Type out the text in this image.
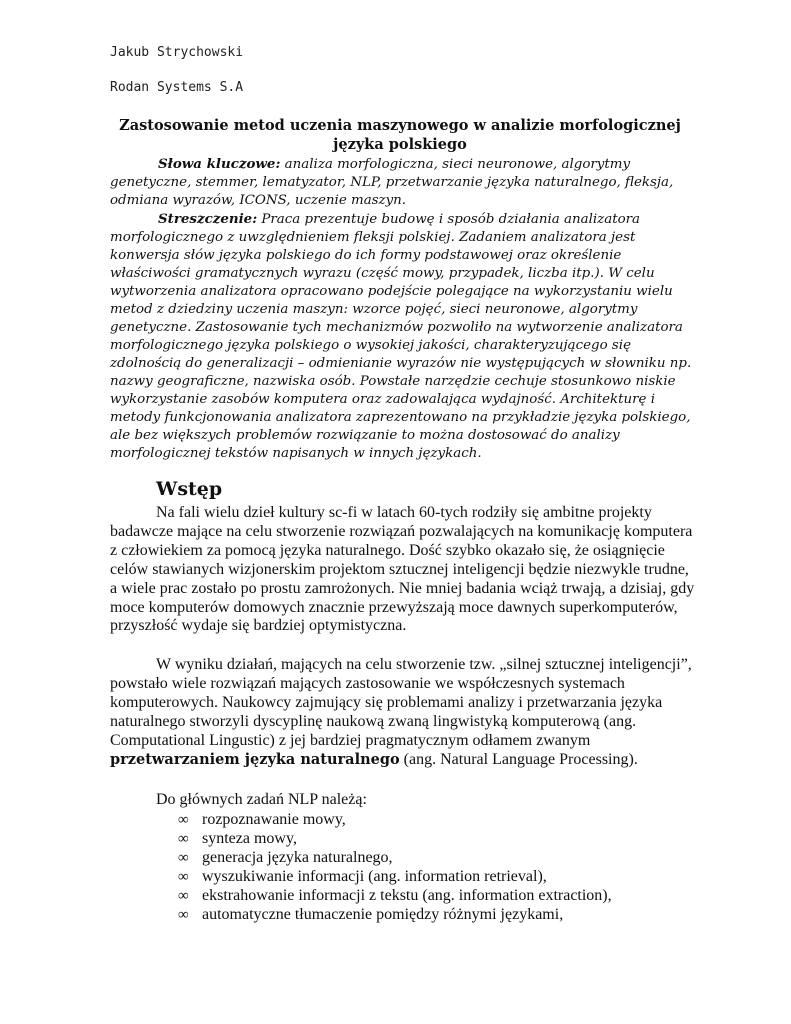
Jakub Strychowski
Rodan Systems S.A
Zastosowanie metod uczenia maszynowego w analizie morfologicznej języka polskiego

Słowa kluczowe: analiza morfologiczna, sieci neuronowe, algorytmy genetyczne, stemmer, lematyzator, NLP, przetwarzanie języka naturalnego, fleksja, odmiana wyrazów, ICONS, uczenie maszyn.

Streszczenie: Praca prezentuje budowę i sposób działania analizatora morfologicznego z uwzględnieniem fleksji polskiej. Zadaniem analizatora jest konwersja słów języka polskiego do ich formy podstawowej oraz określenie właściwości gramatycznych wyrazu (część mowy, przypadek, liczba itp.). W celu wytworzenia analizatora opracowano podejście polegające na wykorzystaniu wielu metod z dziedziny uczenia maszyn: wzorce pojęć, sieci neuronowe, algorytmy genetyczne. Zastosowanie tych mechanizmów pozwoliło na wytworzenie analizatora morfologicznego języka polskiego o wysokiej jakości, charakteryzującego się zdolnością do generalizacji – odmienianie wyrazów nie występujących w słowniku np. nazwy geograficzne, nazwiska osób. Powstałe narzędzie cechuje stosunkowo niskie wykorzystanie zasobów komputera oraz zadowalająca wydajność. Architekturę i metody funkcjonowania analizatora zaprezentowano na przykładzie języka polskiego, ale bez większych problemów rozwiązanie to można dostosować do analizy morfologicznej tekstów napisanych w innych językach.

Wstęp

Na fali wielu dzieł kultury sc-fi w latach 60-tych rodziły się ambitne projekty badawcze mające na celu stworzenie rozwiązań pozwalających na komunikację komputera z człowiekiem za pomocą języka naturalnego. Dość szybko okazało się, że osiągnięcie celów stawianych wizjonerskim projektom sztucznej inteligencji będzie niezwykle trudne, a wiele prac zostało po prostu zamrożonych. Nie mniej badania wciąż trwają, a dzisiaj, gdy moce komputerów domowych znacznie przewyższają moce dawnych superkomputerów, przyszłość wydaje się bardziej optymistyczna.

W wyniku działań, mających na celu stworzenie tzw. „silnej sztucznej inteligencji”, powstało wiele rozwiązań mających zastosowanie we współczesnych systemach komputerowych. Naukowcy zajmujący się problemami analizy i przetwarzania języka naturalnego stworzyli dyscyplinę naukową zwaną lingwistyką komputerową (ang. Computational Lingustic) z jej bardziej pragmatycznym odłamem zwanym przetwarzaniem języka naturalnego (ang. Natural Language Processing).

Do głównych zadań NLP należą:

∞ rozpoznawanie mowy,
∞ synteza mowy,
∞ generacja języka naturalnego,
∞ wyszukiwanie informacji (ang. information retrieval),
∞ ekstrahowanie informacji z tekstu (ang. information extraction),
∞ automatyczne tłumaczenie pomiędzy różnymi językami,
